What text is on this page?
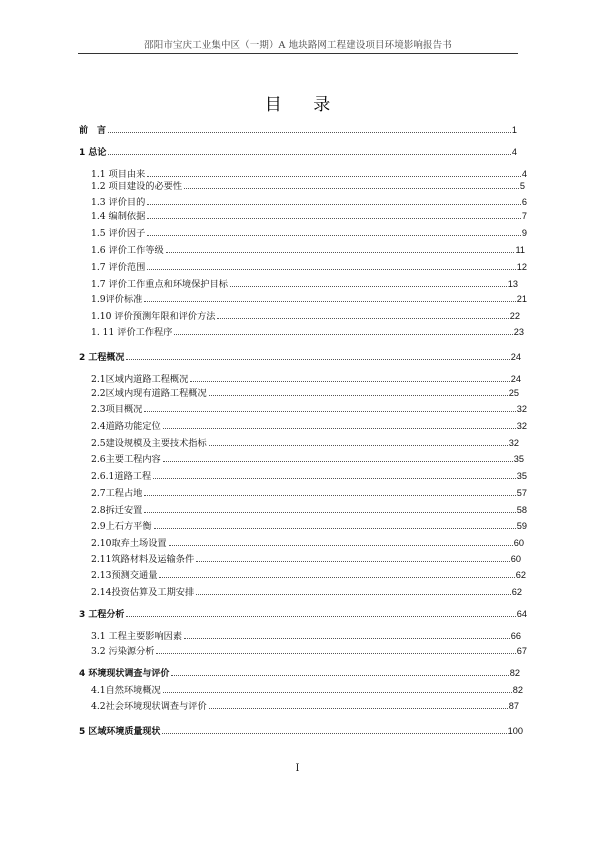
邵阳市宝庆工业集中区（一期）A 地块路网工程建设项目环境影响报告书
目 录
前　言	1
1 总论	4
1.1 项目由来	4
1.2 项目建设的必要性	5
1.3 评价目的	6
1.4 编制依据	7
1.5 评价因子	9
1.6 评价工作等级	11
1.7 评价范围	12
1.7 评价工作重点和环境保护目标	13
1.9评价标准	21
1.10 评价预测年限和评价方法	22
1. 11 评价工作程序	23
2 工程概况	24
2.1区域内道路工程概况	24
2.2区域内现有道路工程概况	25
2.3项目概况	32
2.4道路功能定位	32
2.5建设规模及主要技术指标	32
2.6主要工程内容	35
2.6.1道路工程	35
2.7工程占地	57
2.8拆迁安置	58
2.9上石方平衡	59
2.10取弃土场设置	60
2.11筑路材料及运输条件	60
2.13预测交通量	62
2.14投资估算及工期安排	62
3 工程分析	64
3.1 工程主要影响因素	66
3.2 污染源分析	67
4 环境现状调查与评价	82
4.1自然环境概况	82
4.2社会环境现状调查与评价	87
5 区域环境质量现状	100
I
